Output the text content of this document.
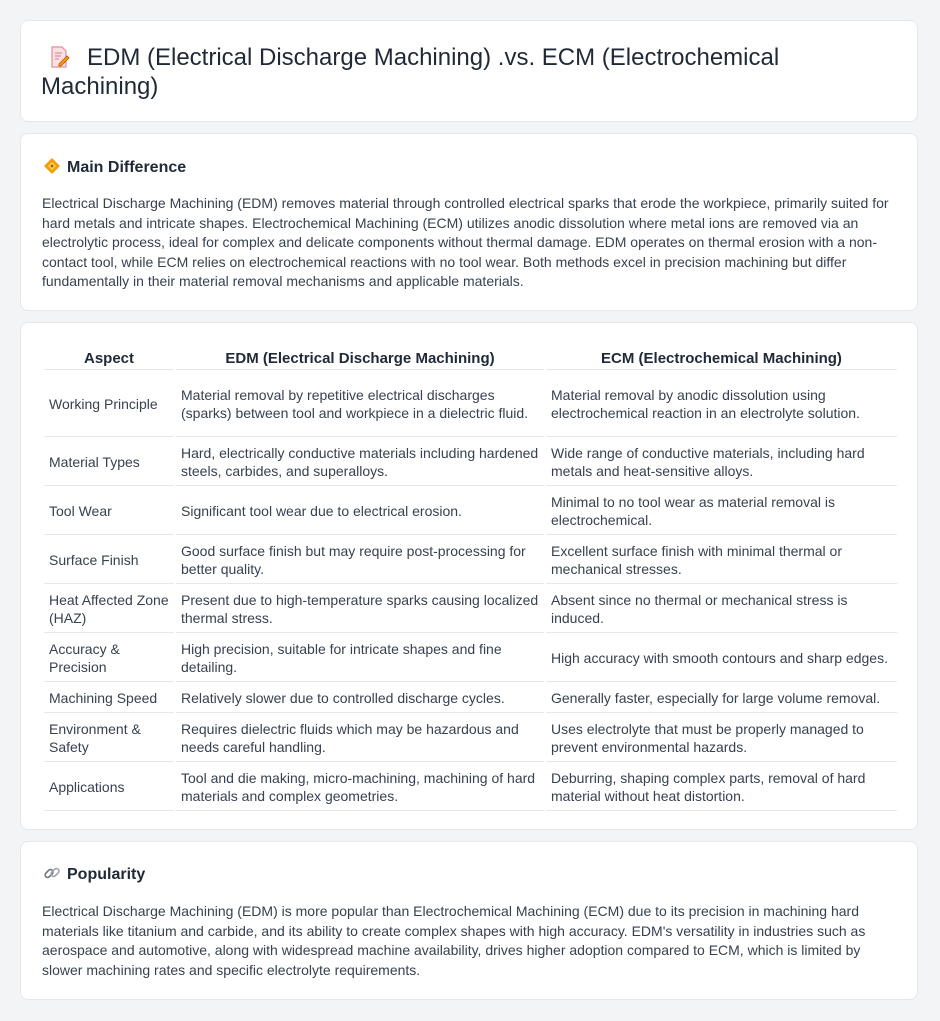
EDM (Electrical Discharge Machining) .vs. ECM (Electrochemical Machining)
Main Difference
Electrical Discharge Machining (EDM) removes material through controlled electrical sparks that erode the workpiece, primarily suited for hard metals and intricate shapes. Electrochemical Machining (ECM) utilizes anodic dissolution where metal ions are removed via an electrolytic process, ideal for complex and delicate components without thermal damage. EDM operates on thermal erosion with a non-contact tool, while ECM relies on electrochemical reactions with no tool wear. Both methods excel in precision machining but differ fundamentally in their material removal mechanisms and applicable materials.
Aspect	EDM (Electrical Discharge Machining)	ECM (Electrochemical Machining)
Working Principle	Material removal by repetitive electrical discharges (sparks) between tool and workpiece in a dielectric fluid.	Material removal by anodic dissolution using electrochemical reaction in an electrolyte solution.
Material Types	Hard, electrically conductive materials including hardened steels, carbides, and superalloys.	Wide range of conductive materials, including hard metals and heat-sensitive alloys.
Tool Wear	Significant tool wear due to electrical erosion.	Minimal to no tool wear as material removal is electrochemical.
Surface Finish	Good surface finish but may require post-processing for better quality.	Excellent surface finish with minimal thermal or mechanical stresses.
Heat Affected Zone (HAZ)	Present due to high-temperature sparks causing localized thermal stress.	Absent since no thermal or mechanical stress is induced.
Accuracy & Precision	High precision, suitable for intricate shapes and fine detailing.	High accuracy with smooth contours and sharp edges.
Machining Speed	Relatively slower due to controlled discharge cycles.	Generally faster, especially for large volume removal.
Environment & Safety	Requires dielectric fluids which may be hazardous and needs careful handling.	Uses electrolyte that must be properly managed to prevent environmental hazards.
Applications	Tool and die making, micro-machining, machining of hard materials and complex geometries.	Deburring, shaping complex parts, removal of hard material without heat distortion.
Popularity
Electrical Discharge Machining (EDM) is more popular than Electrochemical Machining (ECM) due to its precision in machining hard materials like titanium and carbide, and its ability to create complex shapes with high accuracy. EDM's versatility in industries such as aerospace and automotive, along with widespread machine availability, drives higher adoption compared to ECM, which is limited by slower machining rates and specific electrolyte requirements.
